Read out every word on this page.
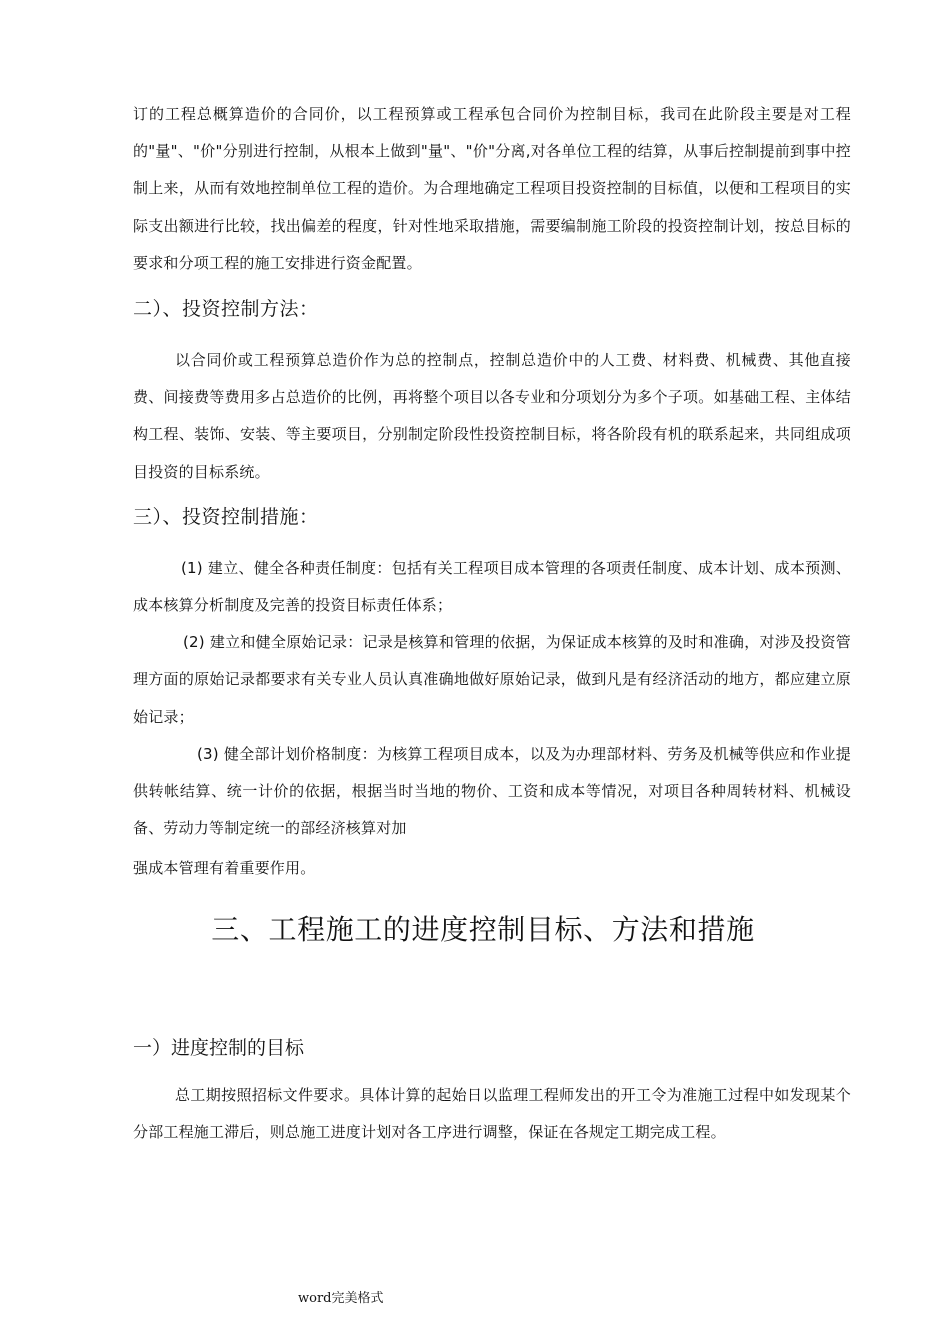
订的工程总概算造价的合同价，以工程预算或工程承包合同价为控制目标，我司在此阶段主要是对工程的"量"、"价"分别进行控制，从根本上做到"量"、"价"分离,对各单位工程的结算，从事后控制提前到事中控制上来，从而有效地控制单位工程的造价。为合理地确定工程项目投资控制的目标值，以便和工程项目的实际支出额进行比较，找出偏差的程度，针对性地采取措施，需要编制施工阶段的投资控制计划，按总目标的要求和分项工程的施工安排进行资金配置。

二）、投资控制方法：

以合同价或工程预算总造价作为总的控制点，控制总造价中的人工费、材料费、机械费、其他直接费、间接费等费用多占总造价的比例，再将整个项目以各专业和分项划分为多个子项。如基础工程、主体结构工程、装饰、安装、等主要项目，分别制定阶段性投资控制目标，将各阶段有机的联系起来，共同组成项目投资的目标系统。

三）、投资控制措施：

(1) 建立、健全各种责任制度：包括有关工程项目成本管理的各项责任制度、成本计划、成本预测、成本核算分析制度及完善的投资目标责任体系；

(2) 建立和健全原始记录：记录是核算和管理的依据，为保证成本核算的及时和准确，对涉及投资管理方面的原始记录都要求有关专业人员认真准确地做好原始记录，做到凡是有经济活动的地方，都应建立原始记录；

(3) 健全部计划价格制度：为核算工程项目成本，以及为办理部材料、劳务及机械等供应和作业提供转帐结算、统一计价的依据，根据当时当地的物价、工资和成本等情况，对项目各种周转材料、机械设备、劳动力等制定统一的部经济核算对加

强成本管理有着重要作用。

三、工程施工的进度控制目标、方法和措施

一）进度控制的目标

总工期按照招标文件要求。具体计算的起始日以监理工程师发出的开工令为准施工过程中如发现某个分部工程施工滞后，则总施工进度计划对各工序进行调整，保证在各规定工期完成工程。

word完美格式
